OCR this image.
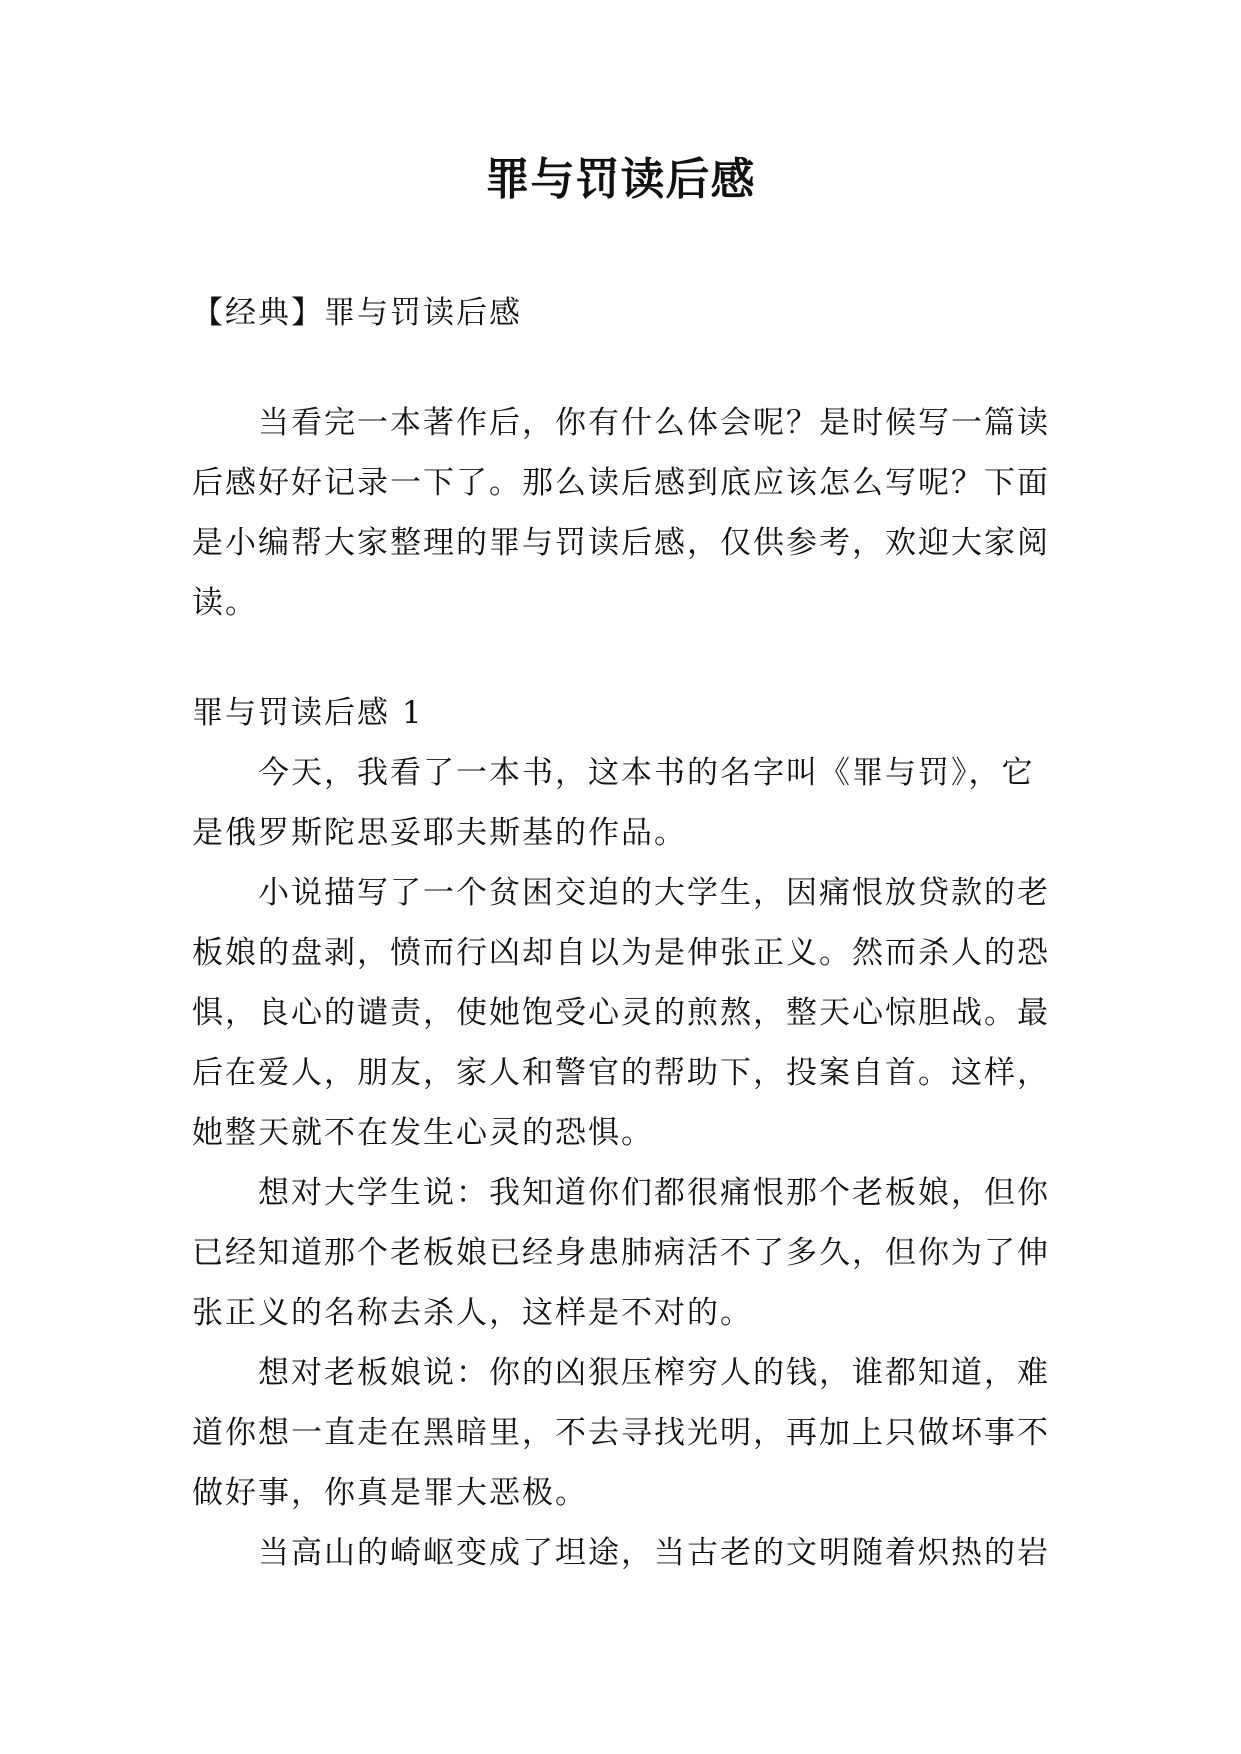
罪与罚读后感

【经典】罪与罚读后感

当看完一本著作后，你有什么体会呢？是时候写一篇读后感好好记录一下了。那么读后感到底应该怎么写呢？下面是小编帮大家整理的罪与罚读后感，仅供参考，欢迎大家阅读。

罪与罚读后感 1

今天，我看了一本书，这本书的名字叫《罪与罚》，它是俄罗斯陀思妥耶夫斯基的作品。

小说描写了一个贫困交迫的大学生，因痛恨放贷款的老板娘的盘剥，愤而行凶却自以为是伸张正义。然而杀人的恐惧，良心的谴责，使她饱受心灵的煎熬，整天心惊胆战。最后在爱人，朋友，家人和警官的帮助下，投案自首。这样，她整天就不在发生心灵的恐惧。

想对大学生说：我知道你们都很痛恨那个老板娘，但你已经知道那个老板娘已经身患肺病活不了多久，但你为了伸张正义的名称去杀人，这样是不对的。

想对老板娘说：你的凶狠压榨穷人的钱，谁都知道，难道你想一直走在黑暗里，不去寻找光明，再加上只做坏事不做好事，你真是罪大恶极。

当高山的崎岖变成了坦途，当古老的文明随着炽热的岩
